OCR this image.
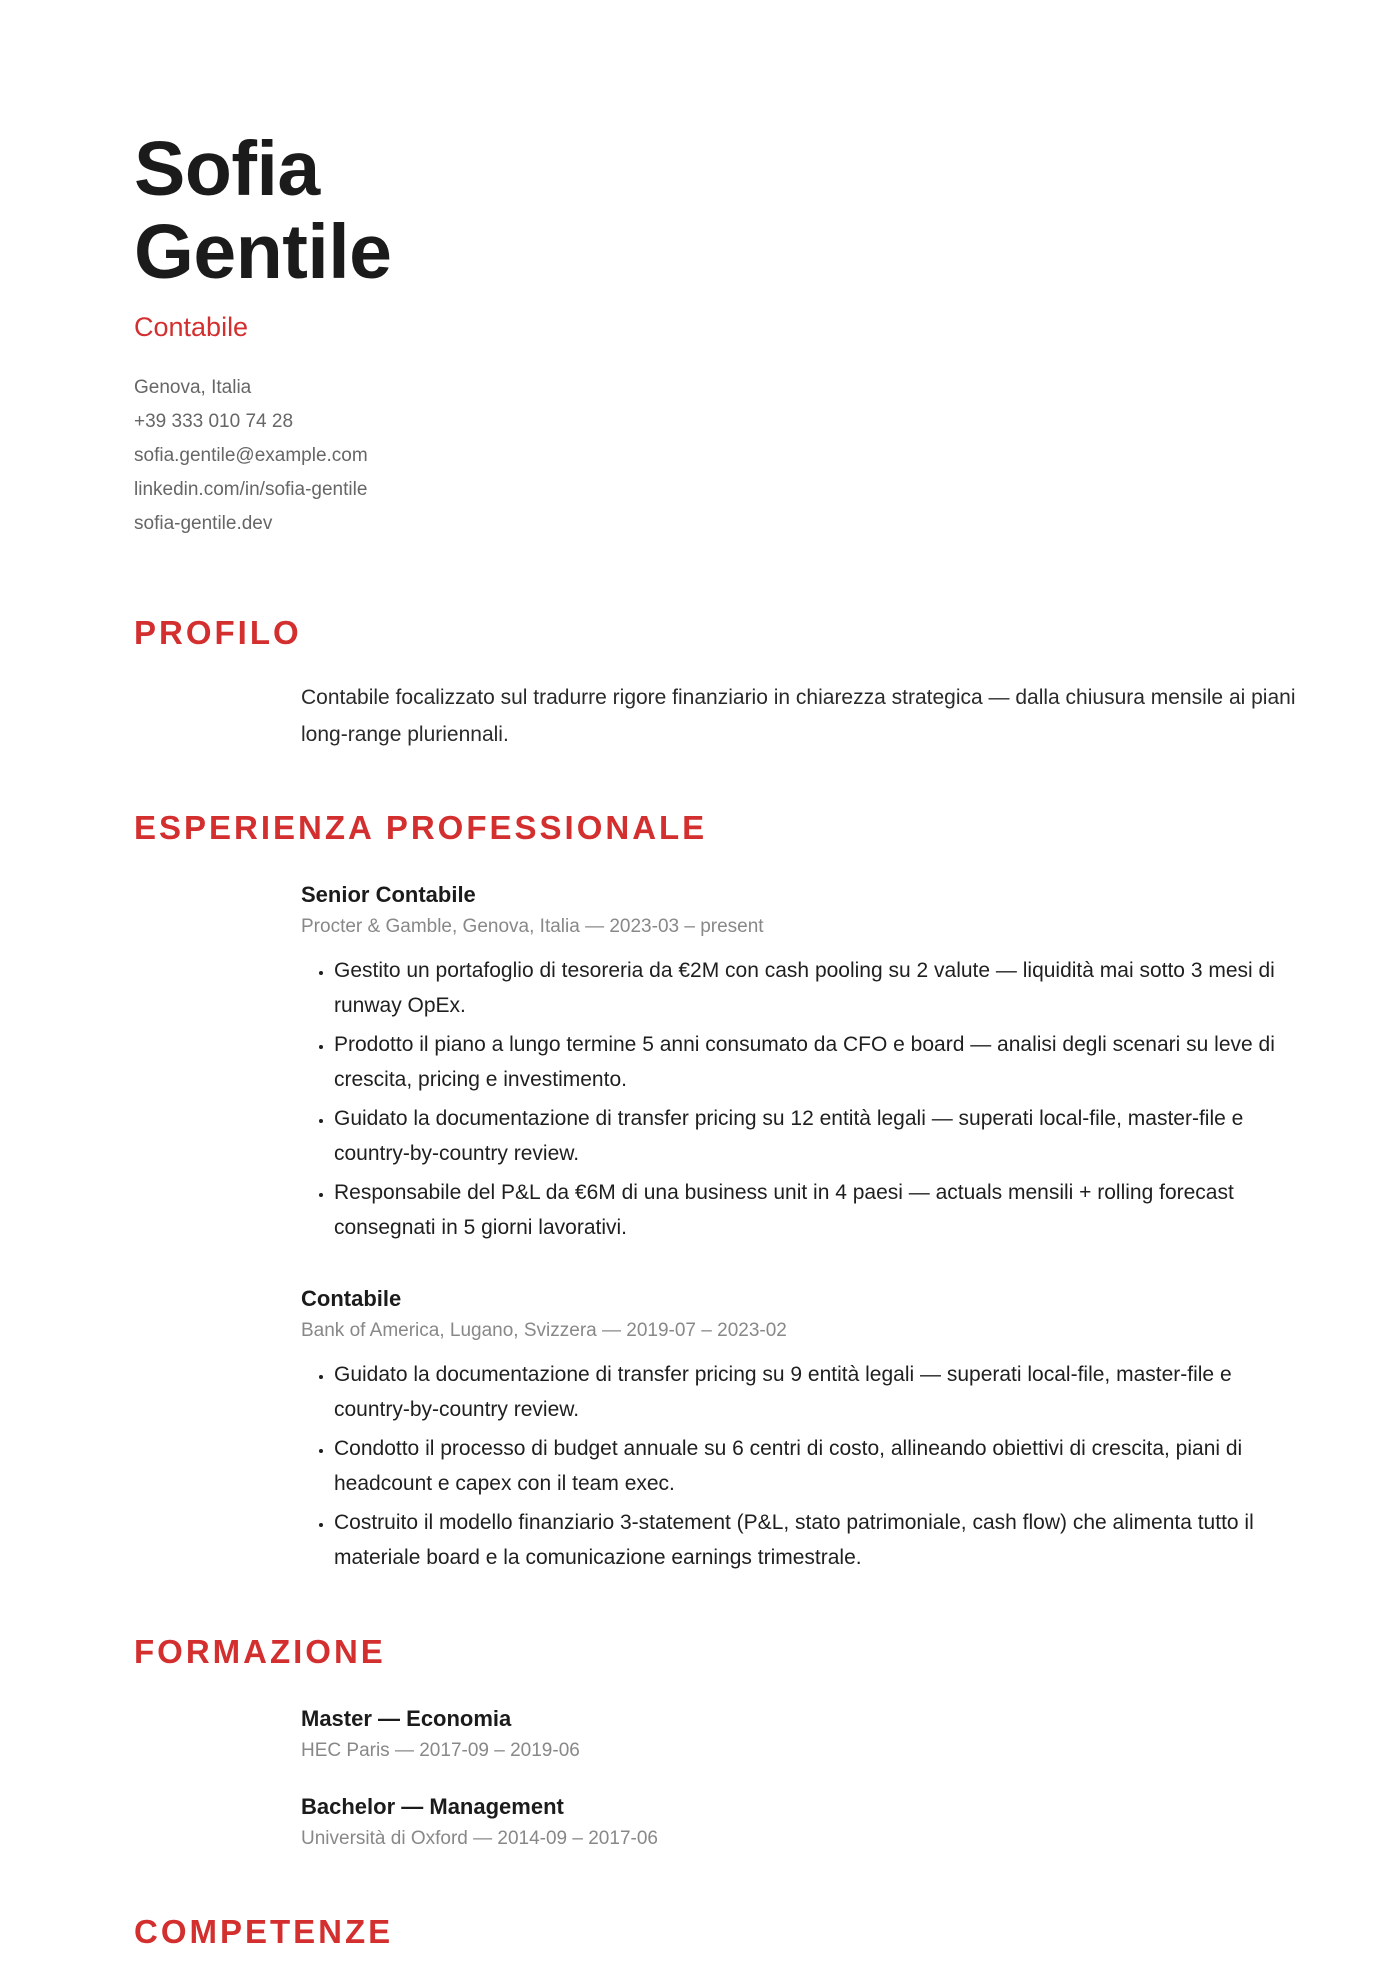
Sofia
Gentile
Contabile
Genova, Italia
+39 333 010 74 28
sofia.gentile@example.com
linkedin.com/in/sofia-gentile
sofia-gentile.dev
PROFILO

Contabile focalizzato sul tradurre rigore finanziario in chiarezza strategica — dalla chiusura mensile ai piani long-range pluriennali.

ESPERIENZA PROFESSIONALE
Senior Contabile
Procter & Gamble, Genova, Italia — 2023-03 – present
• Gestito un portafoglio di tesoreria da €2M con cash pooling su 2 valute — liquidità mai sotto 3 mesi di runway OpEx.
• Prodotto il piano a lungo termine 5 anni consumato da CFO e board — analisi degli scenari su leve di crescita, pricing e investimento.
• Guidato la documentazione di transfer pricing su 12 entità legali — superati local-file, master-file e country-by-country review.
• Responsabile del P&L da €6M di una business unit in 4 paesi — actuals mensili + rolling forecast consegnati in 5 giorni lavorativi.
Contabile
Bank of America, Lugano, Svizzera — 2019-07 – 2023-02
• Guidato la documentazione di transfer pricing su 9 entità legali — superati local-file, master-file e country-by-country review.
• Condotto il processo di budget annuale su 6 centri di costo, allineando obiettivi di crescita, piani di headcount e capex con il team exec.
• Costruito il modello finanziario 3-statement (P&L, stato patrimoniale, cash flow) che alimenta tutto il materiale board e la comunicazione earnings trimestrale.
FORMAZIONE
Master — Economia
HEC Paris — 2017-09 – 2019-06
Bachelor — Management
Università di Oxford — 2014-09 – 2017-06
COMPETENZE
